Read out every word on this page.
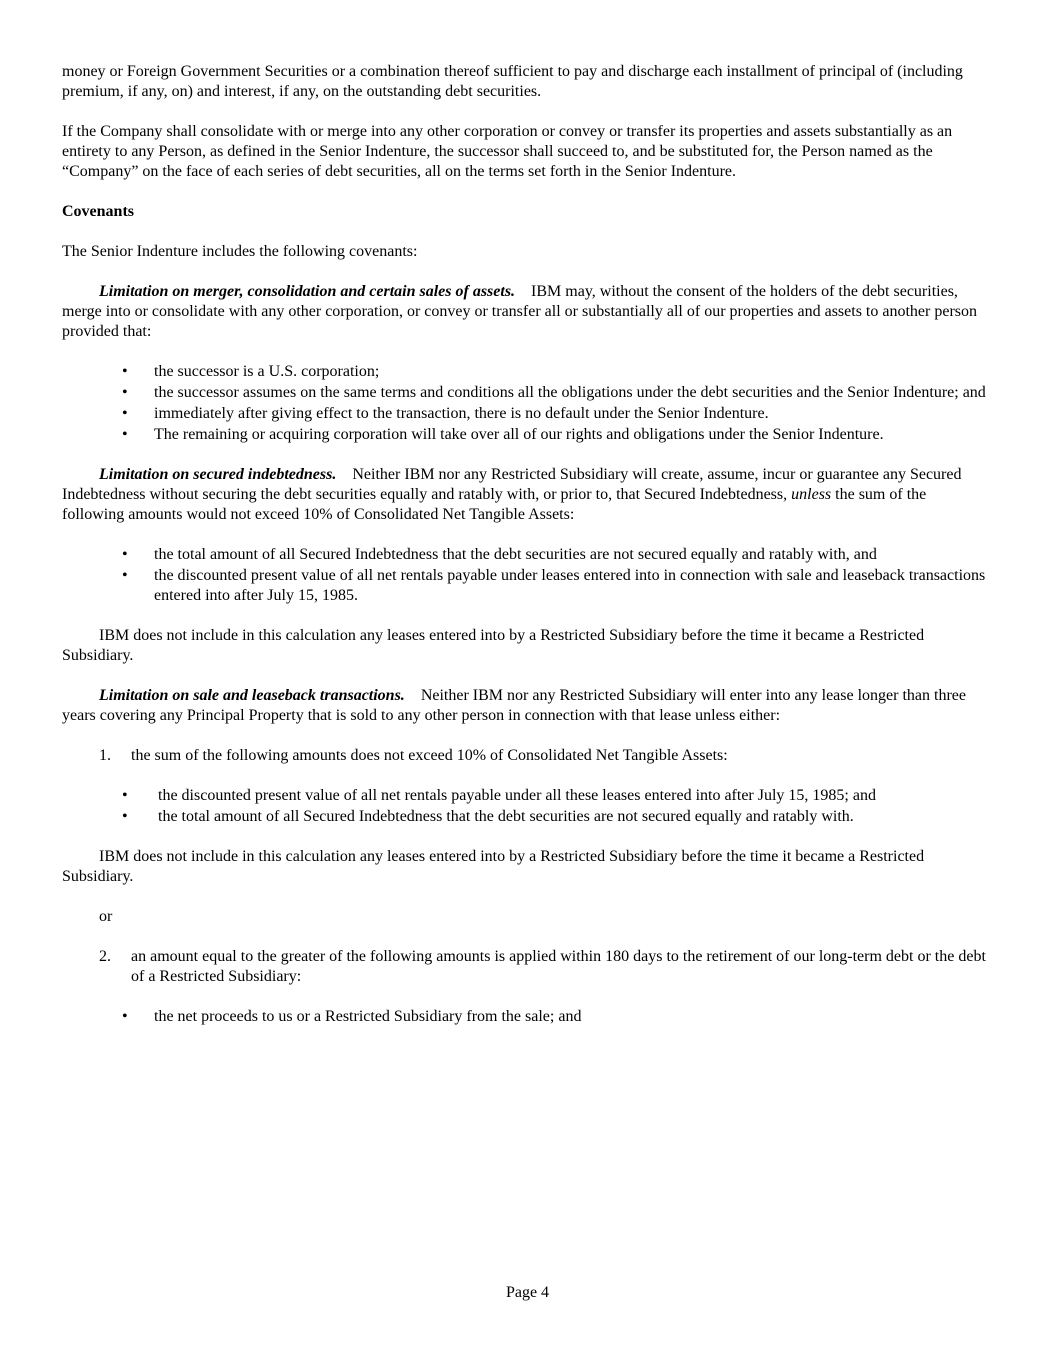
money or Foreign Government Securities or a combination thereof sufficient to pay and discharge each installment of principal of (including premium, if any, on) and interest, if any, on the outstanding debt securities.

If the Company shall consolidate with or merge into any other corporation or convey or transfer its properties and assets substantially as an entirety to any Person, as defined in the Senior Indenture, the successor shall succeed to, and be substituted for, the Person named as the “Company” on the face of each series of debt securities, all on the terms set forth in the Senior Indenture.

Covenants

The Senior Indenture includes the following covenants:

Limitation on merger, consolidation and certain sales of assets. IBM may, without the consent of the holders of the debt securities, merge into or consolidate with any other corporation, or convey or transfer all or substantially all of our properties and assets to another person provided that:

• the successor is a U.S. corporation;
• the successor assumes on the same terms and conditions all the obligations under the debt securities and the Senior Indenture; and
• immediately after giving effect to the transaction, there is no default under the Senior Indenture.
• The remaining or acquiring corporation will take over all of our rights and obligations under the Senior Indenture.

Limitation on secured indebtedness. Neither IBM nor any Restricted Subsidiary will create, assume, incur or guarantee any Secured Indebtedness without securing the debt securities equally and ratably with, or prior to, that Secured Indebtedness, unless the sum of the following amounts would not exceed 10% of Consolidated Net Tangible Assets:

• the total amount of all Secured Indebtedness that the debt securities are not secured equally and ratably with, and
• the discounted present value of all net rentals payable under leases entered into in connection with sale and leaseback transactions entered into after July 15, 1985.

IBM does not include in this calculation any leases entered into by a Restricted Subsidiary before the time it became a Restricted Subsidiary.

Limitation on sale and leaseback transactions. Neither IBM nor any Restricted Subsidiary will enter into any lease longer than three years covering any Principal Property that is sold to any other person in connection with that lease unless either:

1. the sum of the following amounts does not exceed 10% of Consolidated Net Tangible Assets:

• the discounted present value of all net rentals payable under all these leases entered into after July 15, 1985; and
• the total amount of all Secured Indebtedness that the debt securities are not secured equally and ratably with.

IBM does not include in this calculation any leases entered into by a Restricted Subsidiary before the time it became a Restricted Subsidiary.

or

2. an amount equal to the greater of the following amounts is applied within 180 days to the retirement of our long-term debt or the debt of a Restricted Subsidiary:

• the net proceeds to us or a Restricted Subsidiary from the sale; and
Page 4
